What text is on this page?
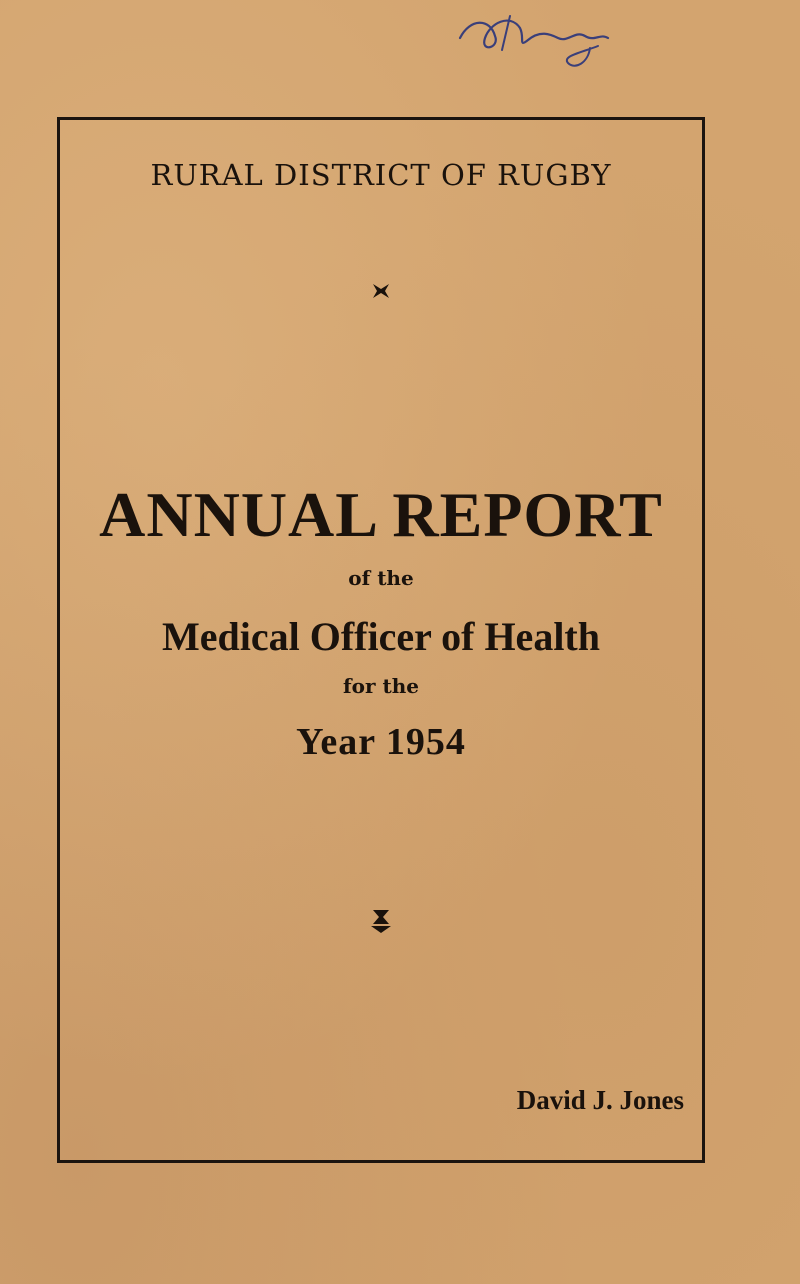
RURAL DISTRICT OF RUGBY
ANNUAL REPORT
of the
Medical Officer of Health
for the
Year 1954
David J. Jones
